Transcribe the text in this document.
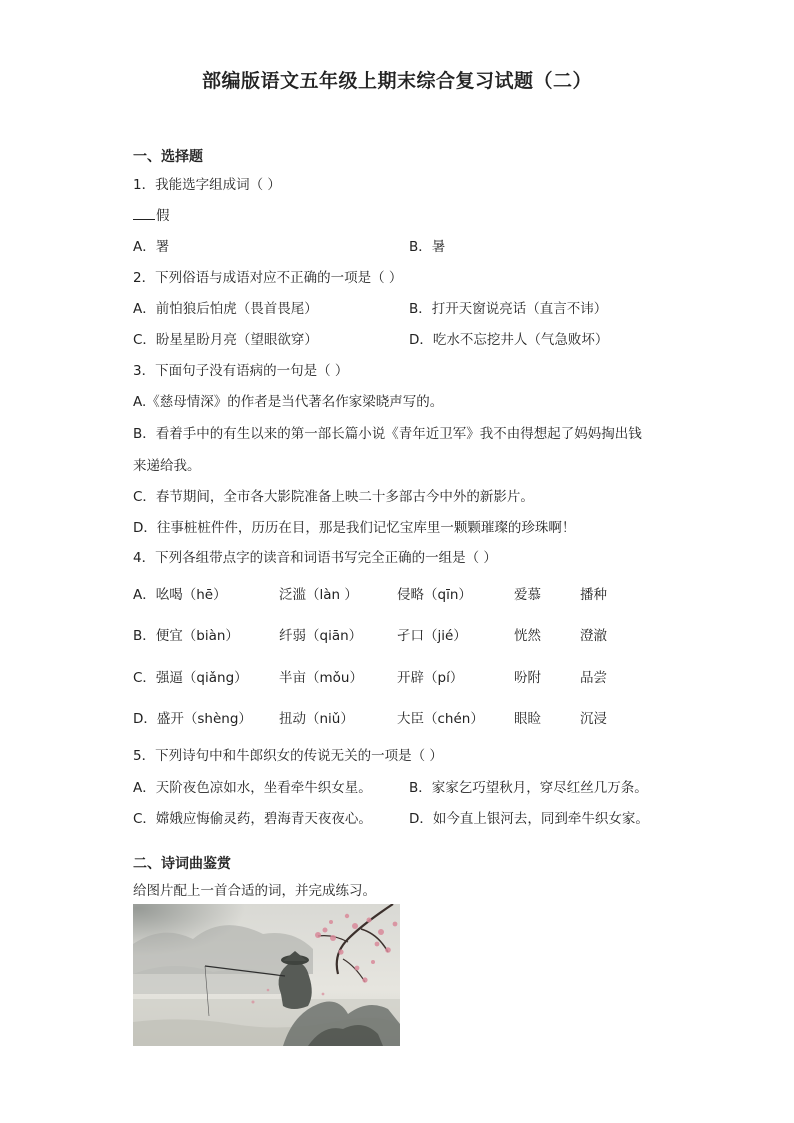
部编版语文五年级上期末综合复习试题（二）
一、选择题
1．我能选字组成词（ ）
假
A．署	B．暑
2．下列俗语与成语对应不正确的一项是（ ）
A．前怕狼后怕虎（畏首畏尾）	B．打开天窗说亮话（直言不讳）
C．盼星星盼月亮（望眼欲穿）	D．吃水不忘挖井人（气急败坏）
3．下面句子没有语病的一句是（ ）
A.《慈母情深》的作者是当代著名作家梁晓声写的。
B．看着手中的有生以来的第一部长篇小说《青年近卫军》我不由得想起了妈妈掏出钱
来递给我。
C．春节期间，全市各大影院准备上映二十多部古今中外的新影片。
D．往事桩桩件件，历历在目，那是我们记忆宝库里一颗颗璀璨的珍珠啊！
4．下列各组带点字的读音和词语书写完全正确的一组是（ ）
A．吆喝（hē）	泛滥（làn ）	侵略（qīn）	爱慕	播种
B．便宜（biàn）	纤弱（qiān）	孑口（jié）	恍然	澄澈
C．强逼（qiǎng） 半亩（mǒu）	开辟（pí）	吩附	品尝
D．盛开（shèng） 扭动（niǔ）	大臣（chén） 眼睑	沉浸
5．下列诗句中和牛郎织女的传说无关的一项是（ ）
A．天阶夜色凉如水，坐看牵牛织女星。	B．家家乞巧望秋月，穿尽红丝几万条。
C．嫦娥应悔偷灵药，碧海青天夜夜心。	D．如今直上银河去，同到牵牛织女家。
二、诗词曲鉴赏
给图片配上一首合适的词，并完成练习。
